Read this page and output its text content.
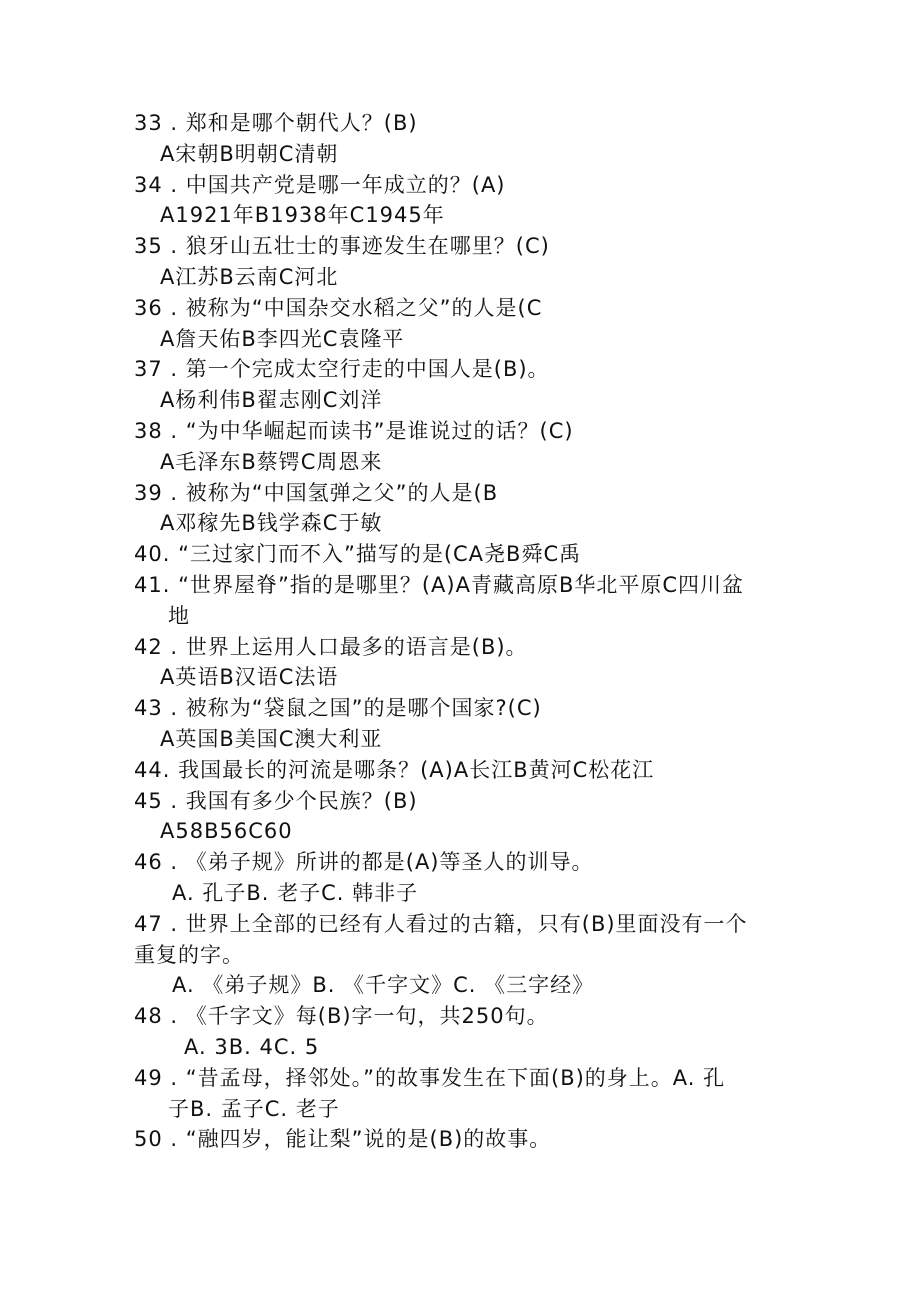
33 . 郑和是哪个朝代人？(B)
A宋朝B明朝C清朝
34 . 中国共产党是哪一年成立的？(A)
A1921年B1938年C1945年
35 . 狼牙山五壮士的事迹发生在哪里？(C)
A江苏B云南C河北
36 . 被称为“中国杂交水稻之父”的人是(C
A詹天佑B李四光C袁隆平
37 . 第一个完成太空行走的中国人是(B)。
A杨利伟B翟志刚C刘洋
38 . “为中华崛起而读书”是谁说过的话？(C)
A毛泽东B蔡锷C周恩来
39 . 被称为“中国氢弹之父”的人是(B
A邓稼先B钱学森C于敏
40. “三过家门而不入”描写的是(CA尧B舜C禹
41. “世界屋脊”指的是哪里？(A)A青藏高原B华北平原C四川盆
地
42 . 世界上运用人口最多的语言是(B)。
A英语B汉语C法语
43 . 被称为“袋鼠之国”的是哪个国家?(C)
A英国B美国C澳大利亚
44. 我国最长的河流是哪条？(A)A长江B黄河C松花江
45 . 我国有多少个民族？(B)
A58B56C60
46 . 《弟子规》所讲的都是(A)等圣人的训导。
A. 孔子B. 老子C. 韩非子
47 . 世界上全部的已经有人看过的古籍，只有(B)里面没有一个
重复的字。
A. 《弟子规》B. 《千字文》C. 《三字经》
48 . 《千字文》每(B)字一句，共250句。
A. 3B. 4C. 5
49 . “昔孟母，择邻处。”的故事发生在下面(B)的身上。A. 孔
子B. 孟子C. 老子
50 . “融四岁，能让梨”说的是(B)的故事。
